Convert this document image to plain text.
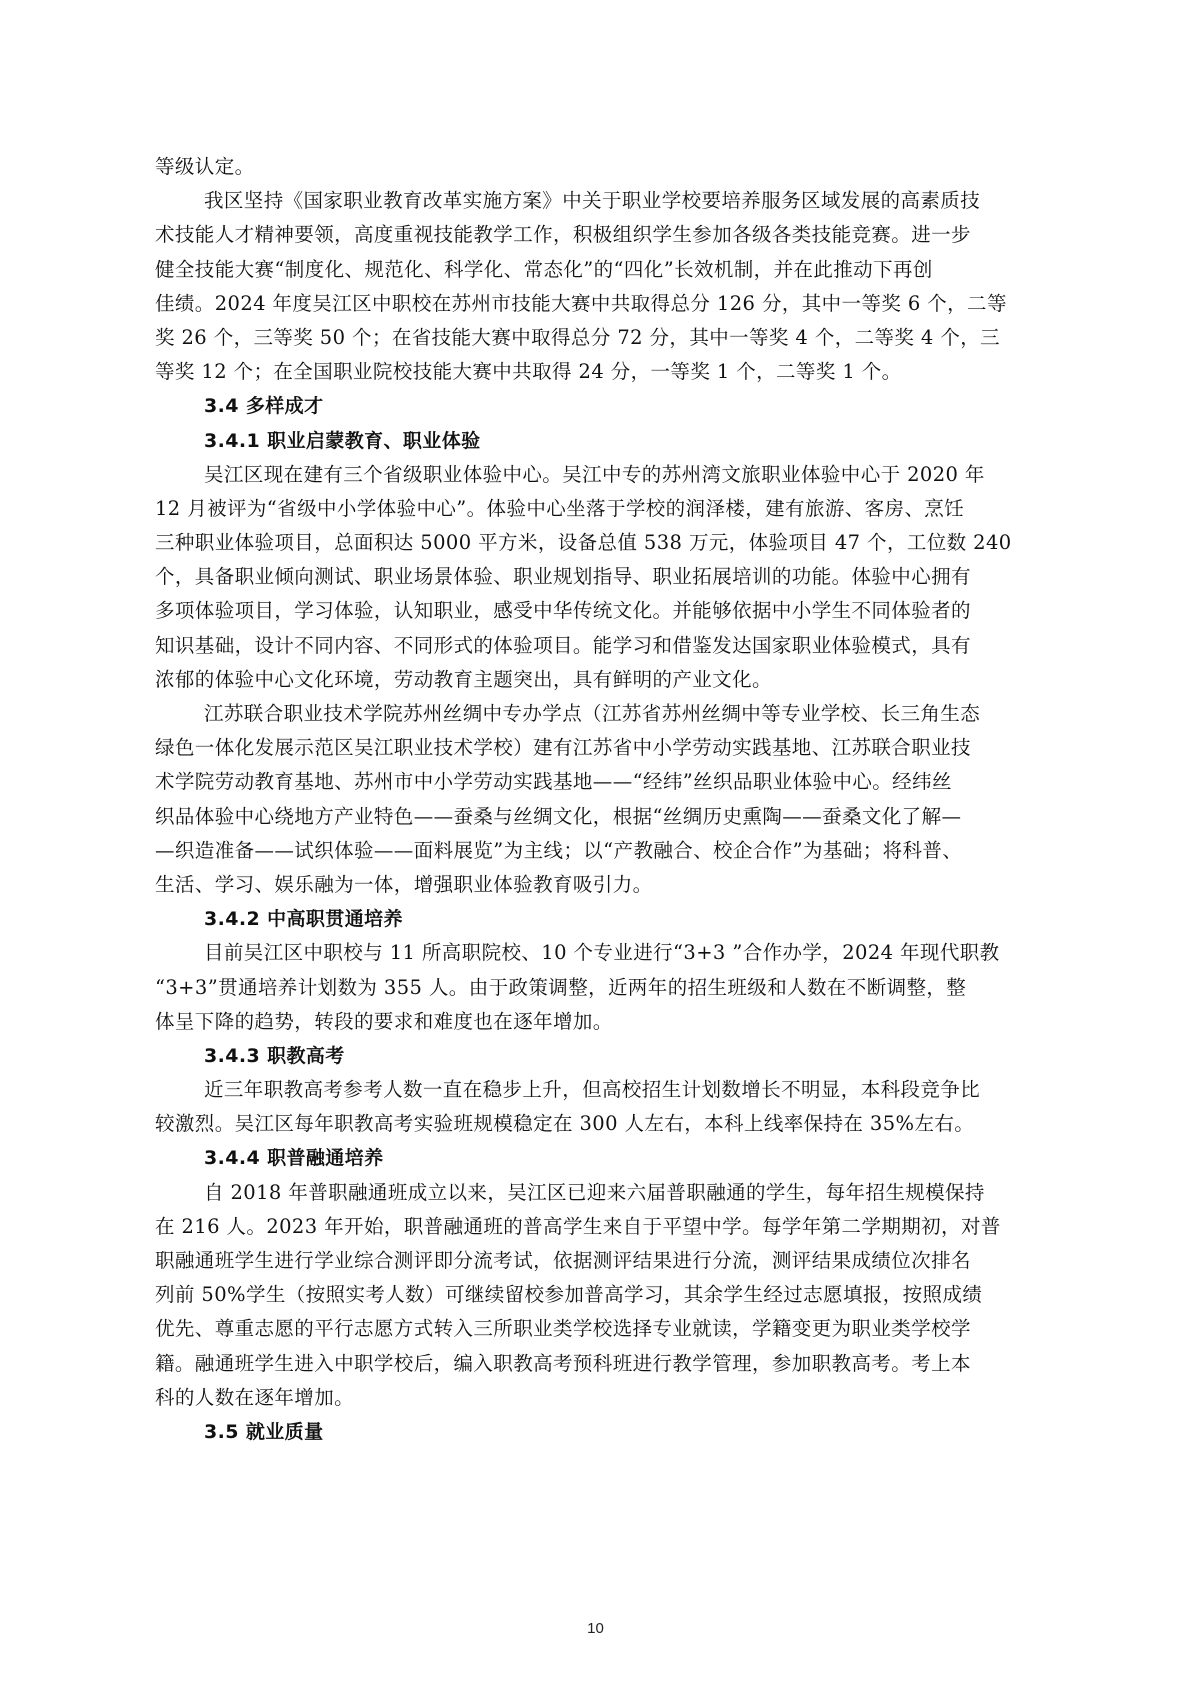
等级认定。
我区坚持《国家职业教育改革实施方案》中关于职业学校要培养服务区域发展的高素质技
术技能人才精神要领，高度重视技能教学工作，积极组织学生参加各级各类技能竞赛。进一步
健全技能大赛“制度化、规范化、科学化、常态化”的“四化”长效机制，并在此推动下再创
佳绩。2024 年度吴江区中职校在苏州市技能大赛中共取得总分 126 分，其中一等奖 6 个，二等
奖 26 个，三等奖 50 个；在省技能大赛中取得总分 72 分，其中一等奖 4 个，二等奖 4 个，三
等奖 12 个；在全国职业院校技能大赛中共取得 24 分，一等奖 1 个，二等奖 1 个。
3.4 多样成才
3.4.1 职业启蒙教育、职业体验
吴江区现在建有三个省级职业体验中心。吴江中专的苏州湾文旅职业体验中心于 2020 年
12 月被评为“省级中小学体验中心”。体验中心坐落于学校的润泽楼，建有旅游、客房、烹饪
三种职业体验项目，总面积达 5000 平方米，设备总值 538 万元，体验项目 47 个，工位数 240
个，具备职业倾向测试、职业场景体验、职业规划指导、职业拓展培训的功能。体验中心拥有
多项体验项目，学习体验，认知职业，感受中华传统文化。并能够依据中小学生不同体验者的
知识基础，设计不同内容、不同形式的体验项目。能学习和借鉴发达国家职业体验模式，具有
浓郁的体验中心文化环境，劳动教育主题突出，具有鲜明的产业文化。
江苏联合职业技术学院苏州丝绸中专办学点（江苏省苏州丝绸中等专业学校、长三角生态
绿色一体化发展示范区吴江职业技术学校）建有江苏省中小学劳动实践基地、江苏联合职业技
术学院劳动教育基地、苏州市中小学劳动实践基地——“经纬”丝织品职业体验中心。经纬丝
织品体验中心绕地方产业特色——蚕桑与丝绸文化，根据“丝绸历史熏陶——蚕桑文化了解—
—织造准备——试织体验——面料展览”为主线；以“产教融合、校企合作”为基础；将科普、
生活、学习、娱乐融为一体，增强职业体验教育吸引力。
3.4.2 中高职贯通培养
目前吴江区中职校与 11 所高职院校、10 个专业进行“3+3 ”合作办学，2024 年现代职教
“3+3”贯通培养计划数为 355 人。由于政策调整，近两年的招生班级和人数在不断调整，整
体呈下降的趋势，转段的要求和难度也在逐年增加。
3.4.3 职教高考
近三年职教高考参考人数一直在稳步上升，但高校招生计划数增长不明显，本科段竞争比
较激烈。吴江区每年职教高考实验班规模稳定在 300 人左右，本科上线率保持在 35%左右。
3.4.4 职普融通培养
自 2018 年普职融通班成立以来，吴江区已迎来六届普职融通的学生，每年招生规模保持
在 216 人。2023 年开始，职普融通班的普高学生来自于平望中学。每学年第二学期期初，对普
职融通班学生进行学业综合测评即分流考试，依据测评结果进行分流，测评结果成绩位次排名
列前 50%学生（按照实考人数）可继续留校参加普高学习，其余学生经过志愿填报，按照成绩
优先、尊重志愿的平行志愿方式转入三所职业类学校选择专业就读，学籍变更为职业类学校学
籍。融通班学生进入中职学校后，编入职教高考预科班进行教学管理，参加职教高考。考上本
科的人数在逐年增加。
3.5 就业质量
10
